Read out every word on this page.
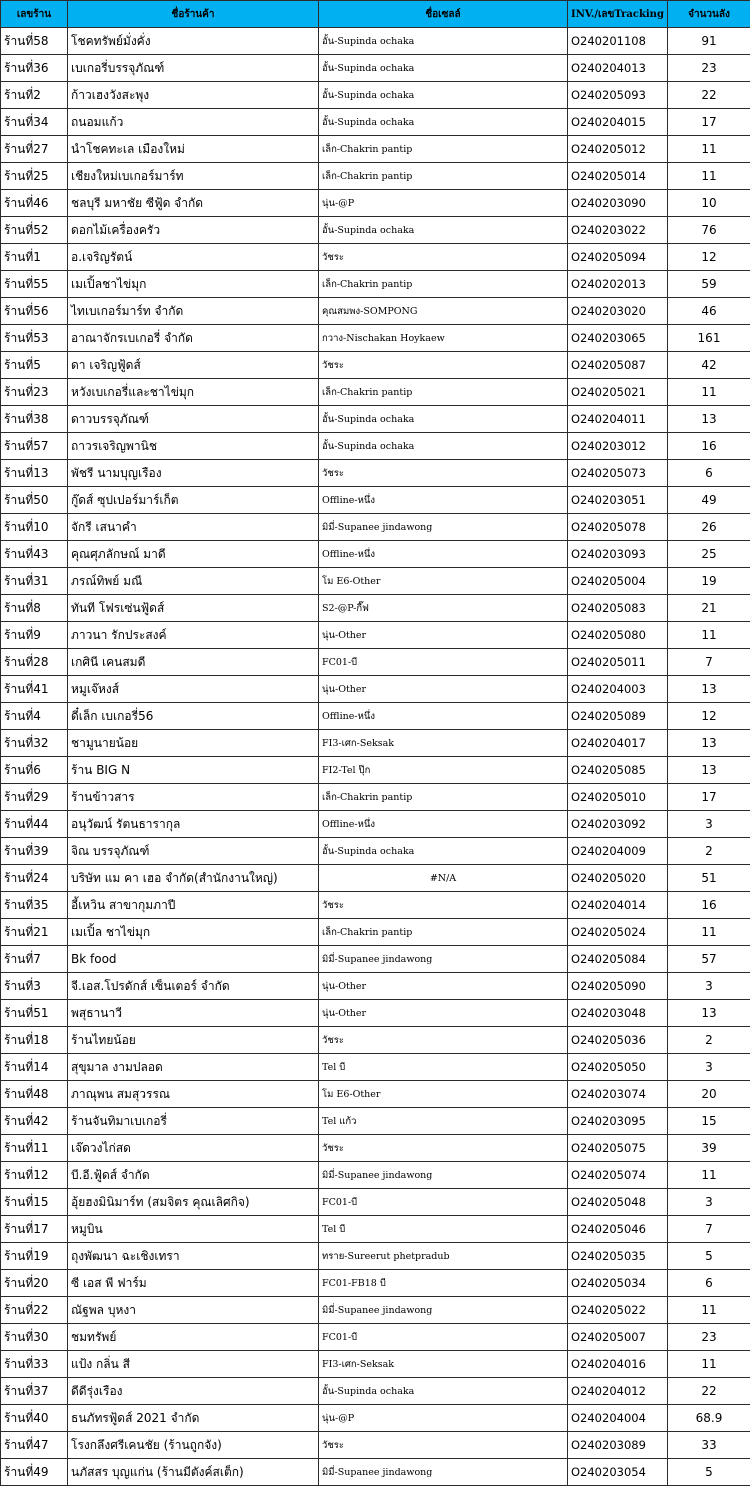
เลขร้าน	ชื่อร้านค้า	ชื่อเซลล์	INV./เลขTracking	จำนวนลัง
ร้านที่58	โชคทรัพย์มั่งคั่ง	อั้น-Supinda ochaka	O240201108	91
ร้านที่36	เบเกอรี่บรรจุภัณฑ์	อั้น-Supinda ochaka	O240204013	23
ร้านที่2	ก้าวเฮงวังสะพุง	อั้น-Supinda ochaka	O240205093	22
ร้านที่34	ถนอมแก้ว	อั้น-Supinda ochaka	O240204015	17
ร้านที่27	นำโชคทะเล เมืองใหม่	เล็ก-Chakrin pantip	O240205012	11
ร้านที่25	เชียงใหม่เบเกอร์มาร์ท	เล็ก-Chakrin pantip	O240205014	11
ร้านที่46	ชลบุรี มหาชัย ซีฟู้ด จำกัด	นุ่น-@P	O240203090	10
ร้านที่52	ดอกไม้เครื่องครัว	อั้น-Supinda ochaka	O240203022	76
ร้านที่1	อ.เจริญรัตน์	วัชระ	O240205094	12
ร้านที่55	เมเปิ้ลชาไข่มุก	เล็ก-Chakrin pantip	O240202013	59
ร้านที่56	ไทเบเกอร์มาร์ท จำกัด	คุณสมพง-SOMPONG	O240203020	46
ร้านที่53	อาณาจักรเบเกอรี่ จำกัด	กวาง-Nischakan Hoykaew	O240203065	161
ร้านที่5	ดา เจริญฟู้ดส์	วัชระ	O240205087	42
ร้านที่23	หวังเบเกอรี่และชาไข่มุก	เล็ก-Chakrin pantip	O240205021	11
ร้านที่38	ดาวบรรจุภัณฑ์	อั้น-Supinda ochaka	O240204011	13
ร้านที่57	ถาวรเจริญพานิช	อั้น-Supinda ochaka	O240203012	16
ร้านที่13	พัชรี นามบุญเรือง	วัชระ	O240205073	6
ร้านที่50	กู๊ดส์ ซุปเปอร์มาร์เก็ต	Offline-หนึ่ง	O240203051	49
ร้านที่10	จักรี เสนาคำ	มิมี่-Supanee jindawong	O240205078	26
ร้านที่43	คุณศุภลักษณ์ มาดี	Offline-หนึ่ง	O240203093	25
ร้านที่31	ภรณ์ทิพย์ มณี	โม E6-Other	O240205004	19
ร้านที่8	ทันที โฟรเซ่นฟู้ดส์	S2-@P-กี๊ฟ	O240205083	21
ร้านที่9	ภาวนา รักประสงค์	นุ่น-Other	O240205080	11
ร้านที่28	เกศินี เคนสมดี	FC01-บี	O240205011	7
ร้านที่41	หมูเจ๊หงส์	นุ่น-Other	O240204003	13
ร้านที่4	ดี๋เล็ก เบเกอรี่56	Offline-หนึ่ง	O240205089	12
ร้านที่32	ชามูนายน้อย	FI3-เศก-Seksak	O240204017	13
ร้านที่6	ร้าน BIG N	FI2-Tel ปุ๊ก	O240205085	13
ร้านที่29	ร้านข้าวสาร	เล็ก-Chakrin pantip	O240205010	17
ร้านที่44	อนุวัฒน์ รัตนธารากุล	Offline-หนึ่ง	O240203092	3
ร้านที่39	จิณ บรรจุภัณฑ์	อั้น-Supinda ochaka	O240204009	2
ร้านที่24	บริษัท แม คา เฮอ จำกัด(สำนักงานใหญ่)	#N/A	O240205020	51
ร้านที่35	อี้เหวิน สาขากุมภาปี	วัชระ	O240204014	16
ร้านที่21	เมเปิ้ล ชาไข่มุก	เล็ก-Chakrin pantip	O240205024	11
ร้านที่7	Bk food	มิมี่-Supanee jindawong	O240205084	57
ร้านที่3	จี.เอส.โปรดักส์ เซ็นเตอร์ จำกัด	นุ่น-Other	O240205090	3
ร้านที่51	พสุธานาวี	นุ่น-Other	O240203048	13
ร้านที่18	ร้านไทยน้อย	วัชระ	O240205036	2
ร้านที่14	สุขุมาล งามปลอด	Tel บี	O240205050	3
ร้านที่48	ภาณุพน สมสุวรรณ	โม E6-Other	O240203074	20
ร้านที่42	ร้านจันทิมาเบเกอรี่	Tel แก้ว	O240203095	15
ร้านที่11	เจ๊ดวงไก่สด	วัชระ	O240205075	39
ร้านที่12	บี.อี.ฟู้ดส์ จำกัด	มิมี่-Supanee jindawong	O240205074	11
ร้านที่15	อุ้ยฮงมินิมาร์ท (สมจิตร คุณเลิศกิจ)	FC01-บี	O240205048	3
ร้านที่17	หมูบิน	Tel บี	O240205046	7
ร้านที่19	ถุงพัฒนา ฉะเชิงเทรา	ทราย-Sureerut phetpradub	O240205035	5
ร้านที่20	ซี เอส พี ฟาร์ม	FC01-FB18 บี	O240205034	6
ร้านที่22	ณัฐพล บุหงา	มิมี่-Supanee jindawong	O240205022	11
ร้านที่30	ชมทรัพย์	FC01-บี	O240205007	23
ร้านที่33	แป้ง กลิ่น สี	FI3-เศก-Seksak	O240204016	11
ร้านที่37	ดีดีรุ่งเรือง	อั้น-Supinda ochaka	O240204012	22
ร้านที่40	ธนภัทรฟู้ดส์ 2021 จำกัด	นุ่น-@P	O240204004	68.9
ร้านที่47	โรงกลึงศรีเคนชัย (ร้านถูกจัง)	วัชระ	O240203089	33
ร้านที่49	นภัสสร บุญแก่น (ร้านมีตังค์สเต็ก)	มิมี่-Supanee jindawong	O240203054	5
